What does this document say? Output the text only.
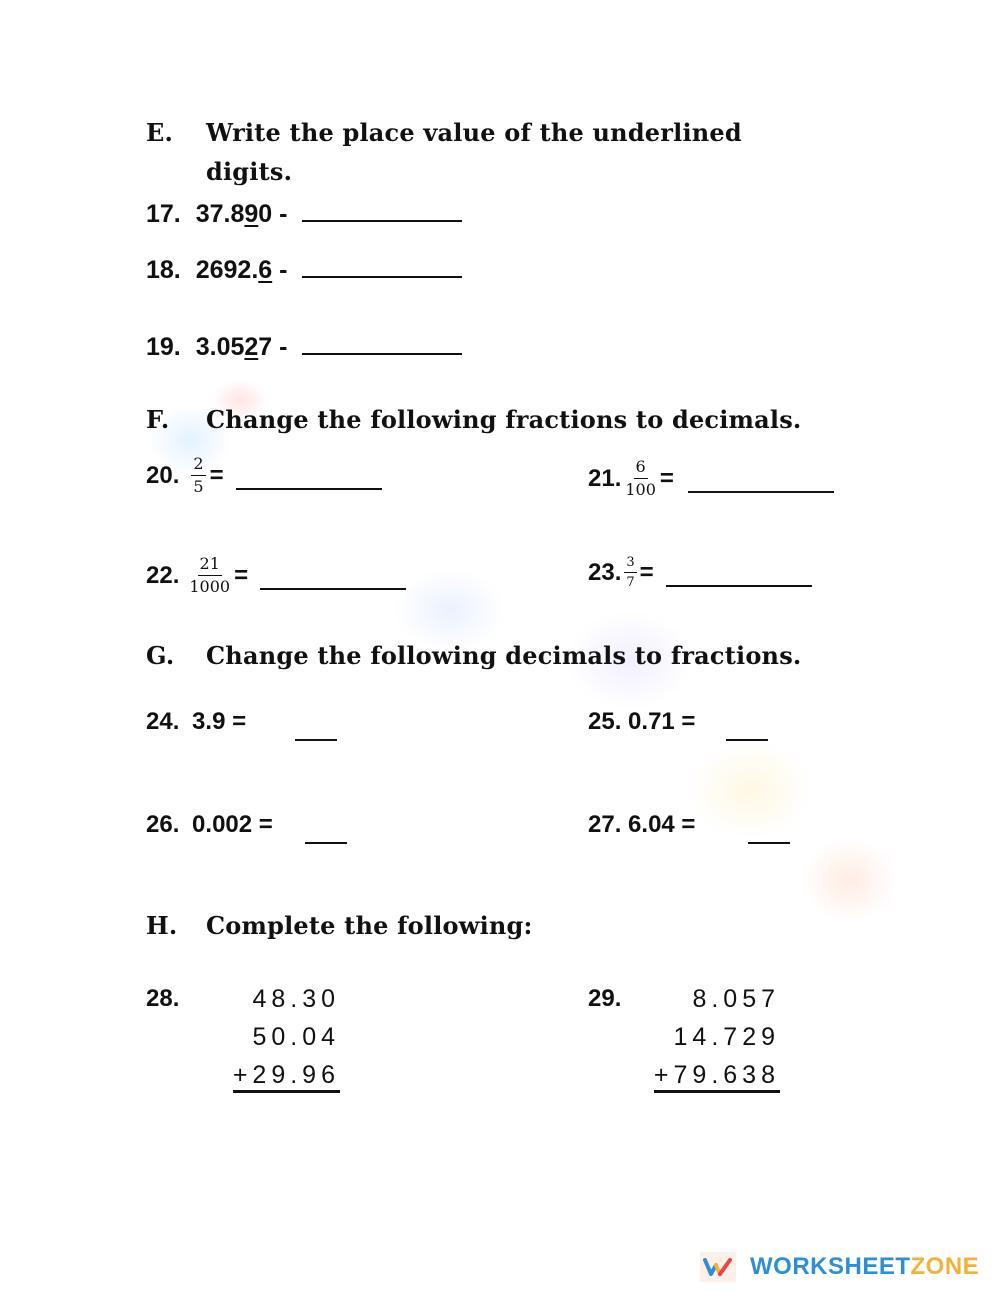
E. Write the place value of the underlined
digits.
17. 37.890 -
18. 2692.6 -
19. 3.0527 -
F. Change the following fractions to decimals.
20. $\frac{2}{5}$ =	21. $\frac{6}{100}$ =
22. $\frac{21}{1000}$ =	23. $\frac{3}{7}$ =
G. Change the following decimals to fractions.
24. 3.9 =	25. 0.71 =
26. 0.002 =	27. 6.04 =
H. Complete the following:
28.	48.30
50.04
+29.96
29.	8.057
14.729
+79.638
WORKSHEETZONE
